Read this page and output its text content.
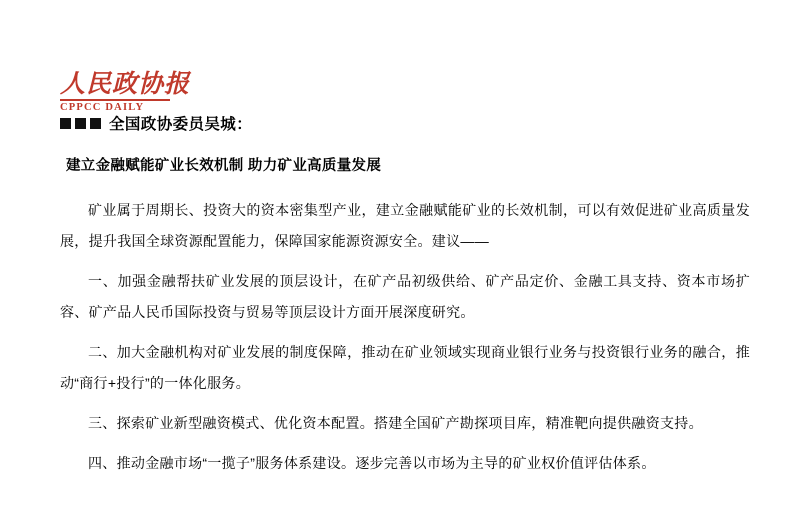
人民政协报
CPPCC DAILY
全国政协委员吴城：
建立金融赋能矿业长效机制 助力矿业高质量发展

矿业属于周期长、投资大的资本密集型产业，建立金融赋能矿业的长效机制，可以有效促进矿业高质量发展，提升我国全球资源配置能力，保障国家能源资源安全。建议——

一、加强金融帮扶矿业发展的顶层设计，在矿产品初级供给、矿产品定价、金融工具支持、资本市场扩容、矿产品人民币国际投资与贸易等顶层设计方面开展深度研究。

二、加大金融机构对矿业发展的制度保障，推动在矿业领域实现商业银行业务与投资银行业务的融合，推动“商行+投行”的一体化服务。

三、探索矿业新型融资模式、优化资本配置。搭建全国矿产勘探项目库，精准靶向提供融资支持。

四、推动金融市场“一揽子”服务体系建设。逐步完善以市场为主导的矿业权价值评估体系。
